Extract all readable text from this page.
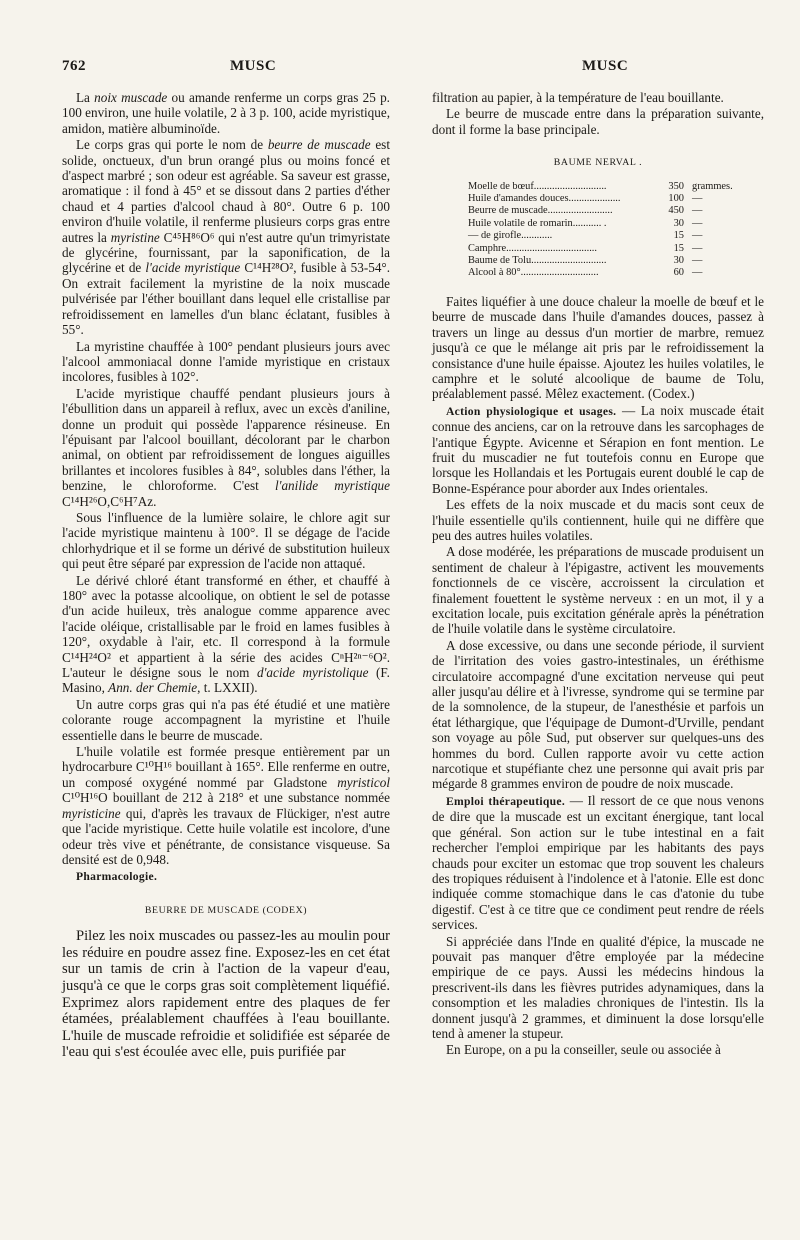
762	MUSC	MUSC

La noix muscade ou amande renferme un corps gras 25 p. 100 environ, une huile volatile, 2 à 3 p. 100, acide myristique, amidon, matière albuminoïde.

Le corps gras qui porte le nom de beurre de muscade est solide, onctueux, d'un brun orangé plus ou moins foncé et d'aspect marbré ; son odeur est agréable. Sa saveur est grasse, aromatique : il fond à 45° et se dissout dans 2 parties d'éther chaud et 4 parties d'alcool chaud à 80°. Outre 6 p. 100 environ d'huile volatile, il renferme plusieurs corps gras entre autres la myristine C⁴⁵H⁸⁶O⁶ qui n'est autre qu'un trimyristate de glycérine, fournissant, par la saponification, de la glycérine et de l'acide myristique C¹⁴H²⁸O², fusible à 53-54°. On extrait facilement la myristine de la noix muscade pulvérisée par l'éther bouillant dans lequel elle cristallise par refroidissement en lamelles d'un blanc éclatant, fusibles à 55°.

La myristine chauffée à 100° pendant plusieurs jours avec l'alcool ammoniacal donne l'amide myristique en cristaux incolores, fusibles à 102°.

L'acide myristique chauffé pendant plusieurs jours à l'ébullition dans un appareil à reflux, avec un excès d'aniline, donne un produit qui possède l'apparence résineuse. En l'épuisant par l'alcool bouillant, décolorant par le charbon animal, on obtient par refroidissement de longues aiguilles brillantes et incolores fusibles à 84°, solubles dans l'éther, la benzine, le chloroforme. C'est l'anilide myristique C¹⁴H²⁶O,C⁶H⁷Az.

Sous l'influence de la lumière solaire, le chlore agit sur l'acide myristique maintenu à 100°. Il se dégage de l'acide chlorhydrique et il se forme un dérivé de substitution huileux qui peut être séparé par expression de l'acide non attaqué.

Le dérivé chloré étant transformé en éther, et chauffé à 180° avec la potasse alcoolique, on obtient le sel de potasse d'un acide huileux, très analogue comme apparence avec l'acide oléique, cristallisable par le froid en lames fusibles à 120°, oxydable à l'air, etc. Il correspond à la formule C¹⁴H²⁴O² et appartient à la série des acides CⁿH²ⁿ⁻⁶O². L'auteur le désigne sous le nom d'acide myristolique (F. Masino, Ann. der Chemie, t. LXXII).

Un autre corps gras qui n'a pas été étudié et une matière colorante rouge accompagnent la myristine et l'huile essentielle dans le beurre de muscade.

L'huile volatile est formée presque entièrement par un hydrocarbure C¹⁰H¹⁶ bouillant à 165°. Elle renferme en outre, un composé oxygéné nommé par Gladstone myristicol C¹⁰H¹⁶O bouillant de 212 à 218° et une substance nommée myristicine qui, d'après les travaux de Flückiger, n'est autre que l'acide myristique. Cette huile volatile est incolore, d'une odeur très vive et pénétrante, de consistance visqueuse. Sa densité est de 0,948.

Pharmacologie.
BEURRE DE MUSCADE (CODEX)

Pilez les noix muscades ou passez-les au moulin pour les réduire en poudre assez fine. Exposez-les en cet état sur un tamis de crin à l'action de la vapeur d'eau, jusqu'à ce que le corps gras soit complètement liquéfié. Exprimez alors rapidement entre des plaques de fer étamées, préalablement chauffées à l'eau bouillante. L'huile de muscade refroidie et solidifiée est séparée de l'eau qui s'est écoulée avec elle, puis purifiée par

filtration au papier, à la température de l'eau bouillante.

Le beurre de muscade entre dans la préparation suivante, dont il forme la base principale.

BAUME NERVAL .
Moelle de bœuf............................	350	grammes.
Huile d'amandes douces....................	100	—
Beurre de muscade.........................	450	—
Huile volatile de romarin........... .	30	—
— de girofle............	15	—
Camphre...................................	15	—
Baume de Tolu.............................	30	—
Alcool à 80°..............................	60	—

Faites liquéfier à une douce chaleur la moelle de bœuf et le beurre de muscade dans l'huile d'amandes douces, passez à travers un linge au dessus d'un mortier de marbre, remuez jusqu'à ce que le mélange ait pris par le refroidissement la consistance d'une huile épaisse. Ajoutez les huiles volatiles, le camphre et le soluté alcoolique de baume de Tolu, préalablement passé. Mêlez exactement. (Codex.)

Action physiologique et usages. — La noix muscade était connue des anciens, car on la retrouve dans les sarcophages de l'antique Égypte. Avicenne et Sérapion en font mention. Le fruit du muscadier ne fut toutefois connu en Europe que lorsque les Hollandais et les Portugais eurent doublé le cap de Bonne-Espérance pour aborder aux Indes orientales.

Les effets de la noix muscade et du macis sont ceux de l'huile essentielle qu'ils contiennent, huile qui ne diffère que peu des autres huiles volatiles.

A dose modérée, les préparations de muscade produisent un sentiment de chaleur à l'épigastre, activent les mouvements fonctionnels de ce viscère, accroissent la circulation et finalement fouettent le système nerveux : en un mot, il y a excitation locale, puis excitation générale après la pénétration de l'huile volatile dans le système circulatoire.

A dose excessive, ou dans une seconde période, il survient de l'irritation des voies gastro-intestinales, un éréthisme circulatoire accompagné d'une excitation nerveuse qui peut aller jusqu'au délire et à l'ivresse, syndrome qui se termine par de la somnolence, de la stupeur, de l'anesthésie et parfois un état léthargique, que l'équipage de Dumont-d'Urville, pendant son voyage au pôle Sud, put observer sur quelques-uns des hommes du bord. Cullen rapporte avoir vu cette action narcotique et stupéfiante chez une personne qui avait pris par mégarde 8 grammes environ de poudre de noix muscade.

Emploi thérapeutique. — Il ressort de ce que nous venons de dire que la muscade est un excitant énergique, tant local que général. Son action sur le tube intestinal en a fait rechercher l'emploi empirique par les habitants des pays chauds pour exciter un estomac que trop souvent les chaleurs des tropiques réduisent à l'indolence et à l'atonie. Elle est donc indiquée comme stomachique dans le cas d'atonie du tube digestif. C'est à ce titre que ce condiment peut rendre de réels services.

Si appréciée dans l'Inde en qualité d'épice, la muscade ne pouvait pas manquer d'être employée par la médecine empirique de ce pays. Aussi les médecins hindous la prescrivent-ils dans les fièvres putrides adynamiques, dans la consomption et les maladies chroniques de l'intestin. Ils la donnent jusqu'à 2 grammes, et diminuent la dose lorsqu'elle tend à amener la stupeur.

En Europe, on a pu la conseiller, seule ou associée à
